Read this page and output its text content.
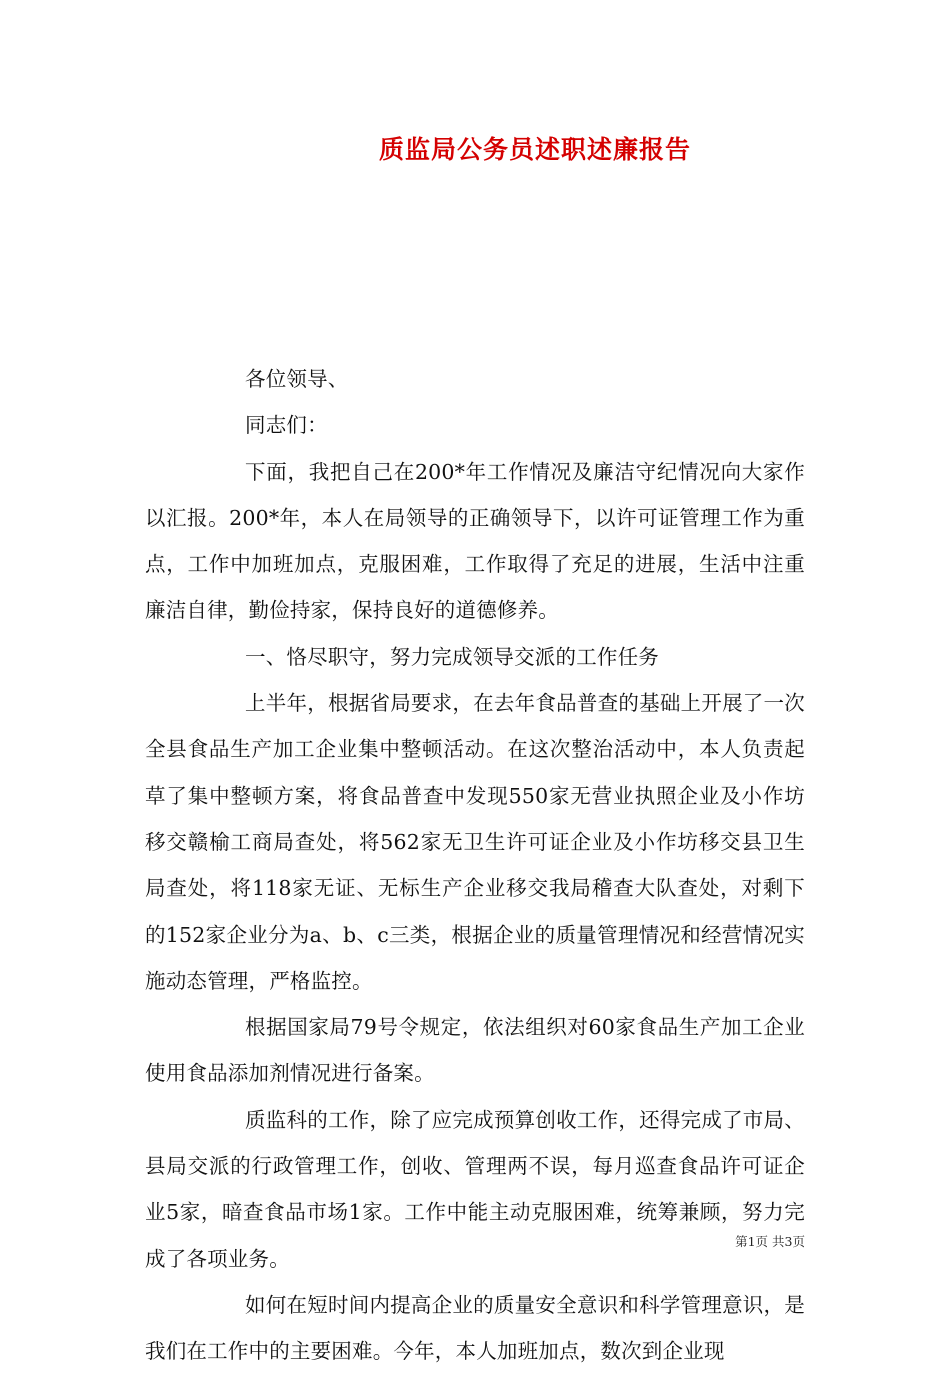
质监局公务员述职述廉报告

各位领导、

同志们：

下面，我把自己在200*年工作情况及廉洁守纪情况向大家作以汇报。200*年，本人在局领导的正确领导下，以许可证管理工作为重点，工作中加班加点，克服困难，工作取得了充足的进展，生活中注重廉洁自律，勤俭持家，保持良好的道德修养。

一、恪尽职守，努力完成领导交派的工作任务

上半年，根据省局要求，在去年食品普查的基础上开展了一次全县食品生产加工企业集中整顿活动。在这次整治活动中，本人负责起草了集中整顿方案，将食品普查中发现550家无营业执照企业及小作坊移交赣榆工商局查处，将562家无卫生许可证企业及小作坊移交县卫生局查处，将118家无证、无标生产企业移交我局稽查大队查处，对剩下的152家企业分为a、b、c三类，根据企业的质量管理情况和经营情况实施动态管理，严格监控。

根据国家局79号令规定，依法组织对60家食品生产加工企业使用食品添加剂情况进行备案。

质监科的工作，除了应完成预算创收工作，还得完成了市局、县局交派的行政管理工作，创收、管理两不误，每月巡查食品许可证企业5家，暗查食品市场1家。工作中能主动克服困难，统筹兼顾，努力完成了各项业务。

如何在短时间内提高企业的质量安全意识和科学管理意识，是我们在工作中的主要困难。今年，本人加班加点，数次到企业现

第1页 共3页
